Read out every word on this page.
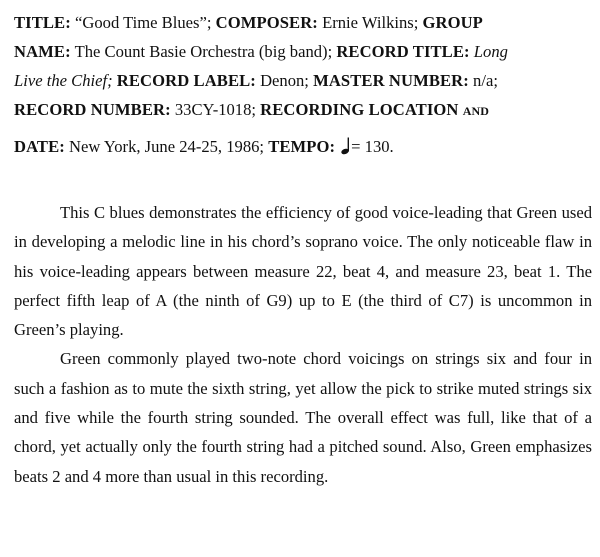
TITLE: “Good Time Blues”; COMPOSER: Ernie Wilkins; GROUP
NAME: The Count Basie Orchestra (big band); RECORD TITLE: Long
Live the Chief; RECORD LABEL: Denon; MASTER NUMBER: n/a;
RECORD NUMBER: 33CY-1018; RECORDING LOCATION and
DATE: New York, June 24-25, 1986; TEMPO: = 130.

This C blues demonstrates the efficiency of good voice-leading that Green used in developing a melodic line in his chord’s soprano voice. The only noticeable flaw in his voice-leading appears between measure 22, beat 4, and measure 23, beat 1. The perfect fifth leap of A (the ninth of G9) up to E (the third of C7) is uncommon in Green’s playing.

Green commonly played two-note chord voicings on strings six and four in such a fashion as to mute the sixth string, yet allow the pick to strike muted strings six and five while the fourth string sounded. The overall effect was full, like that of a chord, yet actually only the fourth string had a pitched sound. Also, Green emphasizes beats 2 and 4 more than usual in this recording.
